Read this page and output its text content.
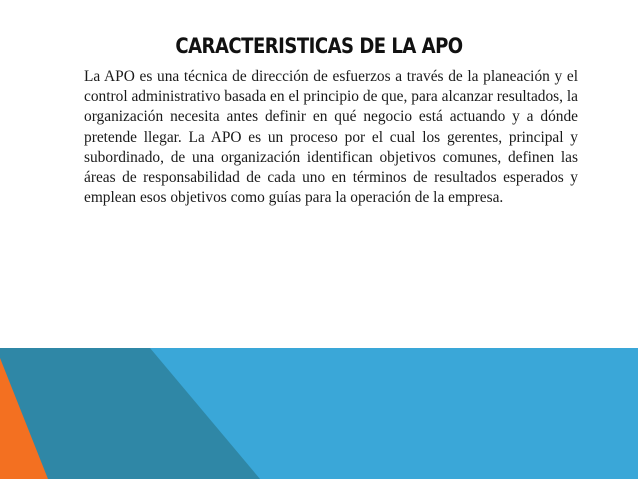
CARACTERISTICAS DE LA APO

La APO es una técnica de dirección de esfuerzos a través de la planeación y el control administrativo basada en el principio de que, para alcanzar resultados, la organización necesita antes definir en qué negocio está actuando y a dónde pretende llegar. La APO es un proceso por el cual los gerentes, principal y subordinado, de una organización identifican objetivos comunes, definen las áreas de responsabilidad de cada uno en términos de resultados esperados y emplean esos objetivos como guías para la operación de la empresa.
